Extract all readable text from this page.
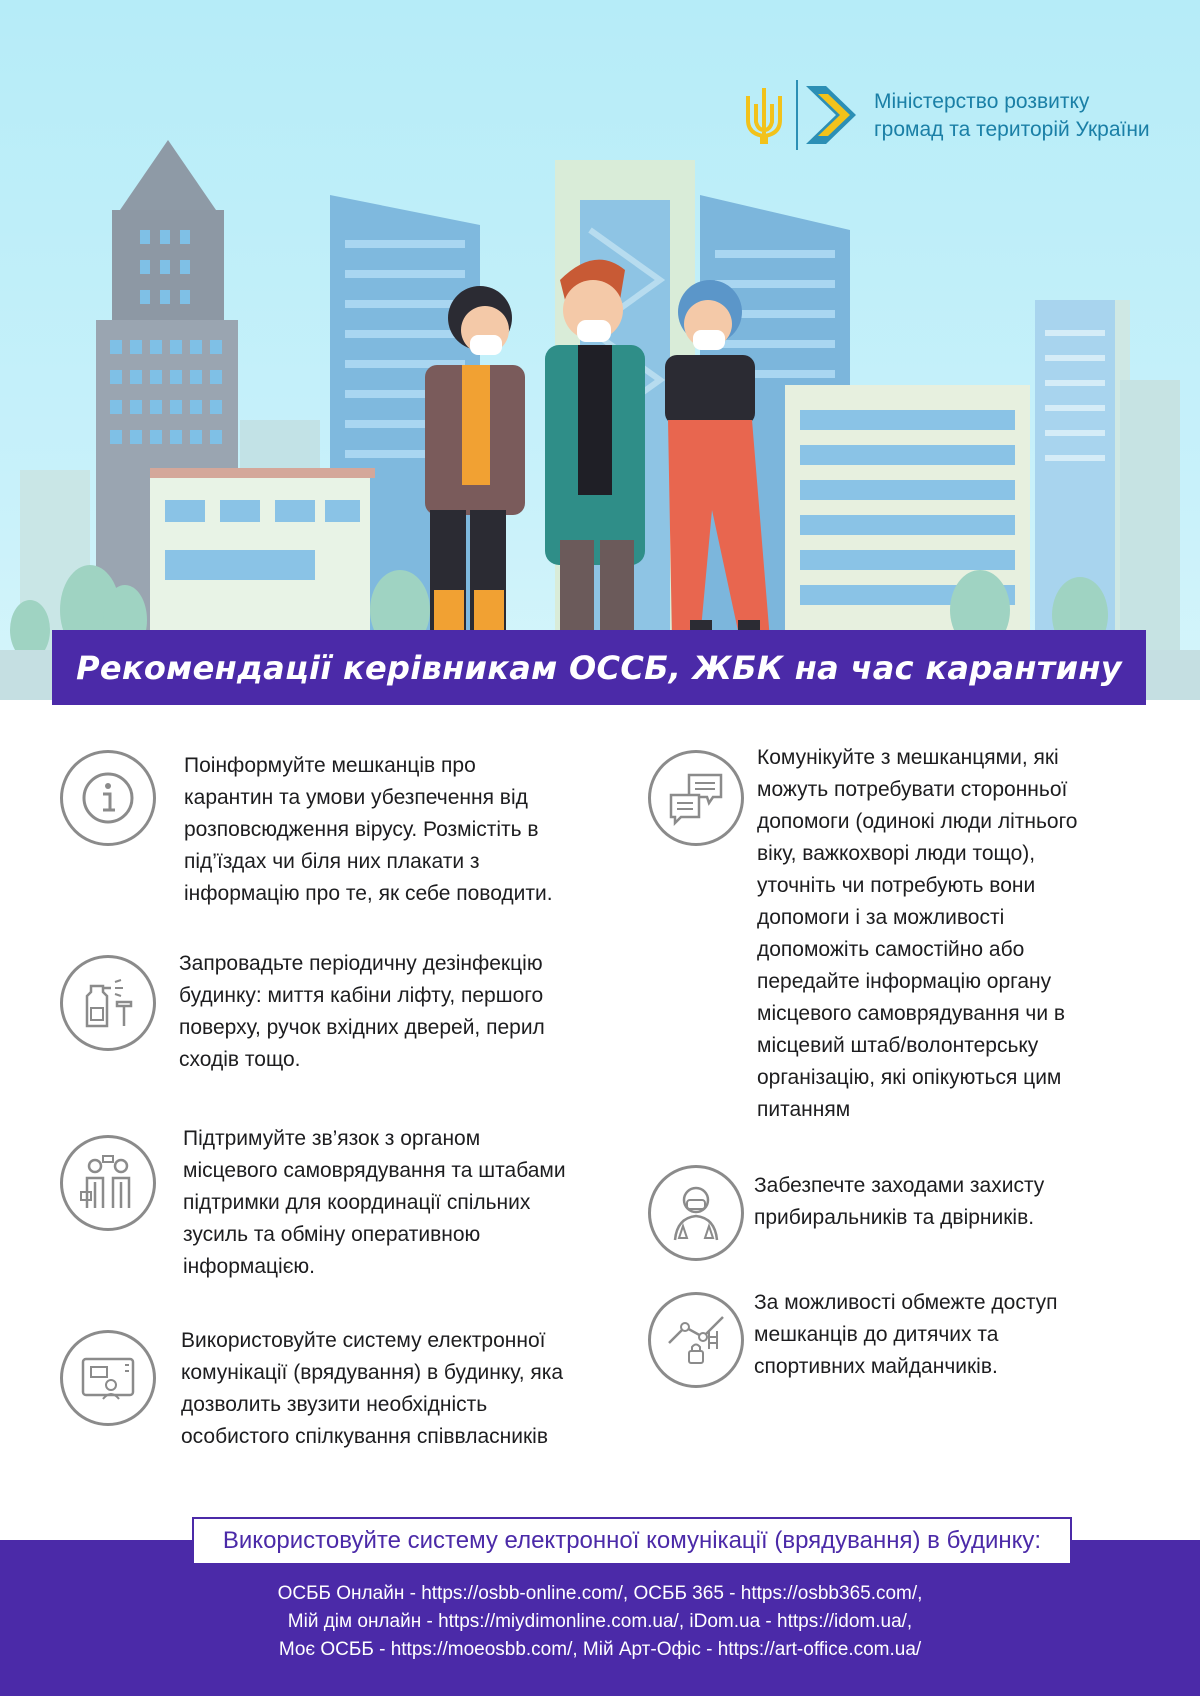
Міністерство розвитку
громад та територій України
Рекомендації керівникам ОССБ, ЖБК на час карантину
Поінформуйте мешканців про
карантин та умови убезпечення від
розповсюдження вірусу. Розмістіть в
під’їздах чи біля них плакати з
інформацію про те, як себе поводити.
Запровадьте періодичну дезінфекцію
будинку: миття кабіни ліфту, першого
поверху, ручок вхідних дверей, перил
сходів тощо.
Підтримуйте зв’язок з органом
місцевого самоврядування та штабами
підтримки для координації спільних
зусиль та обміну оперативною
інформацією.
Використовуйте систему електронної
комунікації (врядування) в будинку, яка
дозволить звузити необхідність
особистого спілкування співвласників
Комунікуйте з мешканцями, які
можуть потребувати сторонньої
допомоги (одинокі люди літнього
віку, важкохворі люди тощо),
уточніть чи потребують вони
допомоги і за можливості
допоможіть самостійно або
передайте інформацію органу
місцевого самоврядування чи в
місцевий штаб/волонтерську
організацію, які опікуються цим
питанням
Забезпечте заходами захисту
прибиральників та двірників.
За можливості обмежте доступ
мешканців до дитячих та
спортивних майданчиків.
Використовуйте систему електронної комунікації (врядування) в будинку:
ОСББ Онлайн - https://osbb-online.com/, ОСББ 365 - https://osbb365.com/,
Мій дім онлайн - https://miydimonline.com.ua/, iDom.ua - https://idom.ua/,
Моє ОСББ - https://moeosbb.com/, Мій Арт-Офіс - https://art-office.com.ua/
